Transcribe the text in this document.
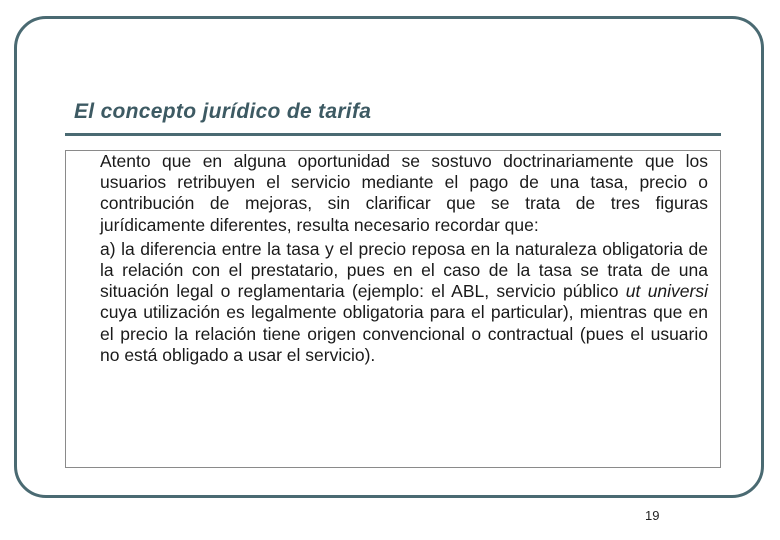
El concepto jurídico de tarifa

Atento que en alguna oportunidad se sostuvo doctrinariamente que los usuarios retribuyen el servicio mediante el pago de una tasa, precio o contribución de mejoras, sin clarificar que se trata de tres figuras jurídicamente diferentes, resulta necesario recordar que:

a) la diferencia entre la tasa y el precio reposa en la naturaleza obligatoria de la relación con el prestatario, pues en el caso de la tasa se trata de una situación legal o reglamentaria (ejemplo: el ABL, servicio público ut universi cuya utilización es legalmente obligatoria para el particular), mientras que en el precio la relación tiene origen convencional o contractual (pues el usuario no está obligado a usar el servicio).

19
